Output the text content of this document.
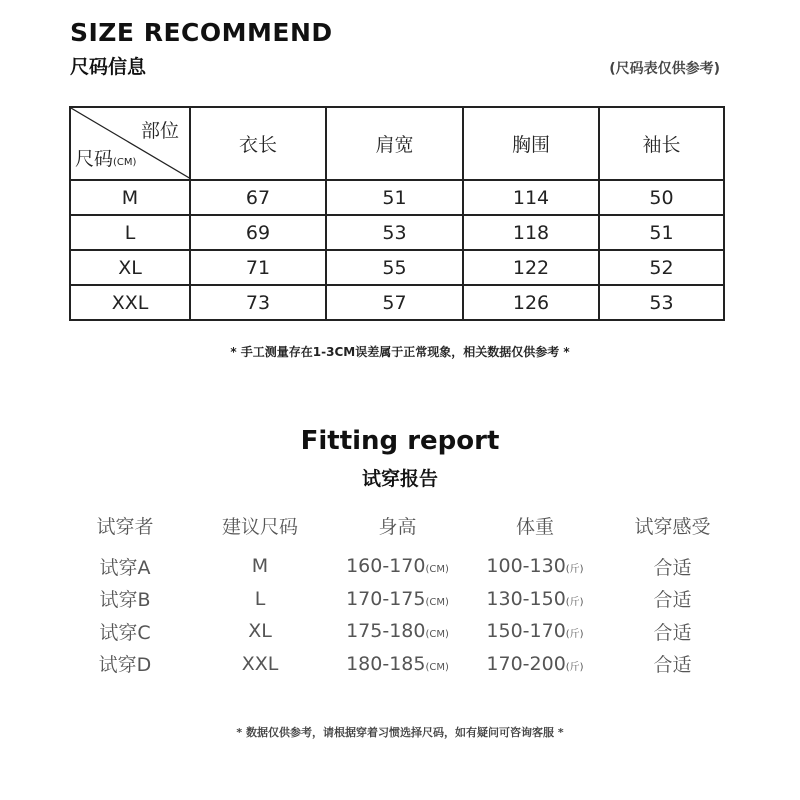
SIZE RECOMMEND
尺码信息	(尺码表仅供参考)
部位
尺码(CM)	衣长	肩宽	胸围	袖长
M	67	51	114	50
L	69	53	118	51
XL	71	55	122	52
XXL	73	57	126	53
* 手工测量存在1-3CM误差属于正常现象，相关数据仅供参考 *
Fitting report
试穿报告
试穿者	建议尺码	身高	体重	试穿感受
试穿A	M	160-170(CM)	100-130(斤)	合适
试穿B	L	170-175(CM)	130-150(斤)	合适
试穿C	XL	175-180(CM)	150-170(斤)	合适
试穿D	XXL	180-185(CM)	170-200(斤)	合适
* 数据仅供参考，请根据穿着习惯选择尺码，如有疑问可咨询客服 *
